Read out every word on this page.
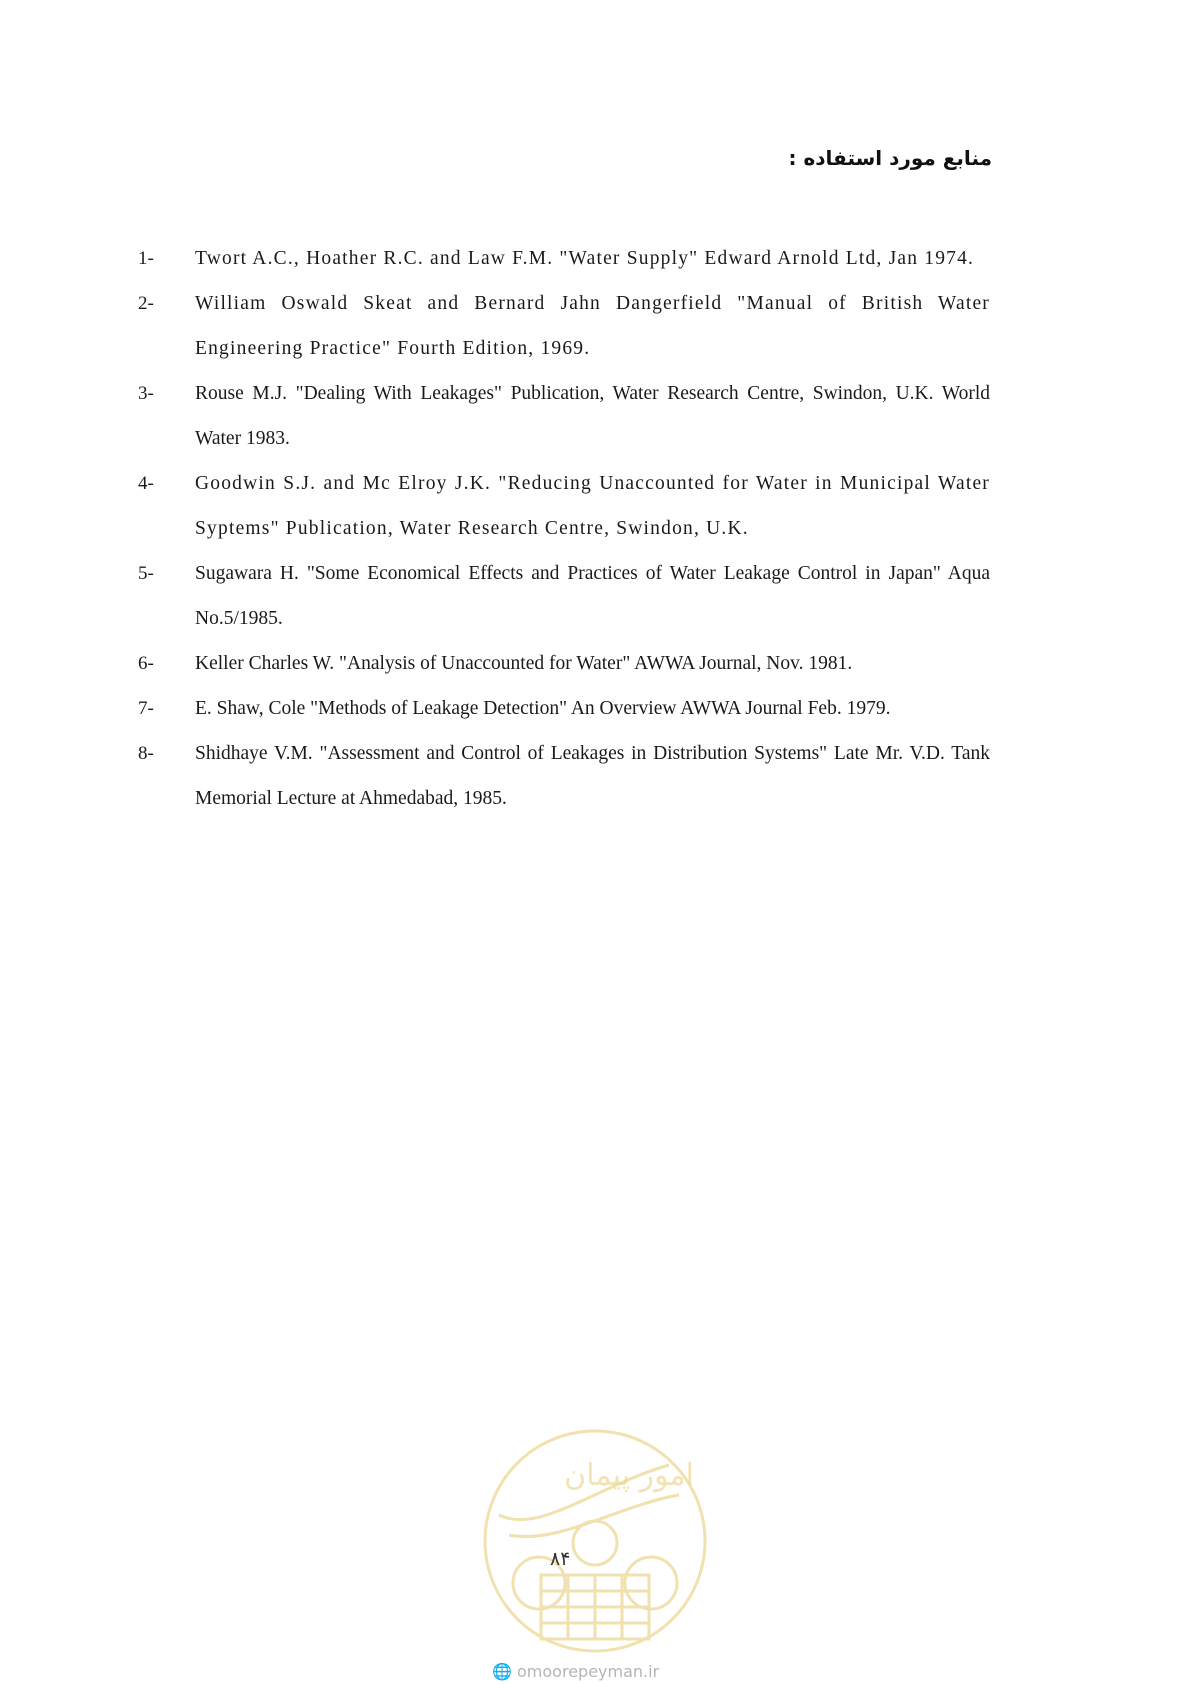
منابع مورد استفاده :
1-	Twort A.C., Hoather R.C. and Law F.M. "Water Supply" Edward Arnold Ltd, Jan 1974.
2-	William Oswald Skeat and Bernard Jahn Dangerfield "Manual of British Water Engineering Practice" Fourth Edition, 1969.
3-	Rouse M.J. "Dealing With Leakages" Publication, Water Research Centre, Swindon, U.K. World Water 1983.
4-	Goodwin S.J. and Mc Elroy J.K. "Reducing Unaccounted for Water in Municipal Water Syptems" Publication, Water Research Centre, Swindon, U.K.
5-	Sugawara H. "Some Economical Effects and Practices of Water Leakage Control in Japan" Aqua No.5/1985.
6-	Keller Charles W. "Analysis of Unaccounted for Water" AWWA Journal, Nov. 1981.
7-	E. Shaw, Cole "Methods of Leakage Detection" An Overview AWWA Journal Feb. 1979.
8-	Shidhaye V.M. "Assessment and Control of Leakages in Distribution Systems" Late Mr. V.D. Tank Memorial Lecture at Ahmedabad, 1985.
امور پیمان
۸۴
🌐 omoorepeyman.ir
